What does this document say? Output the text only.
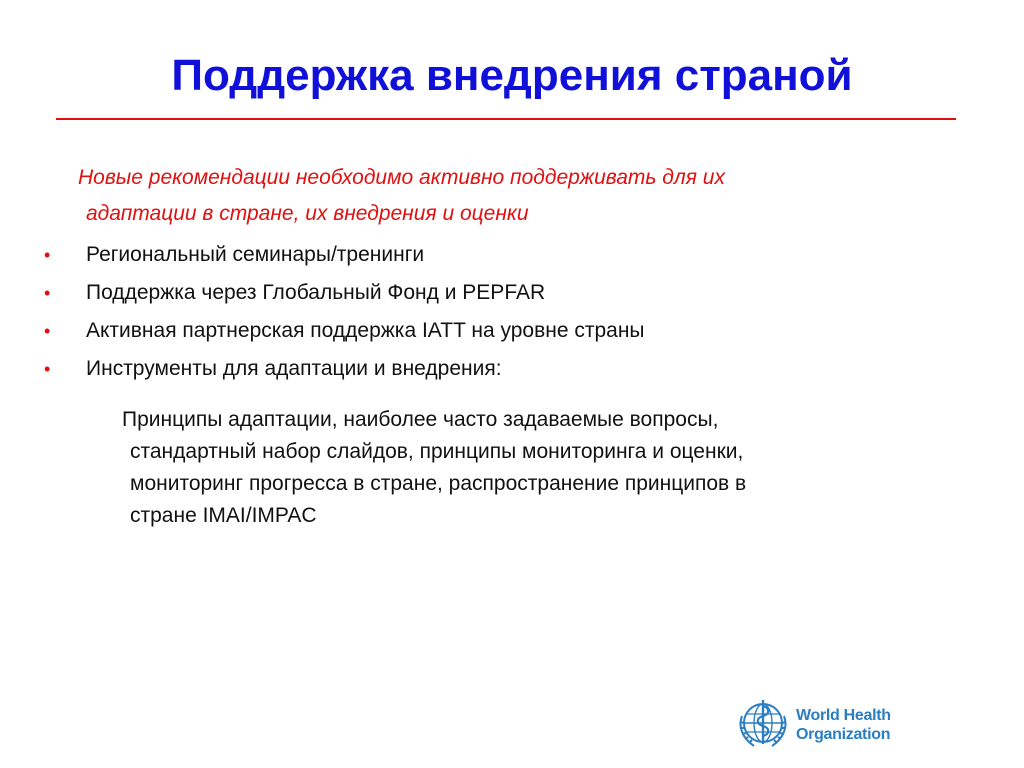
Поддержка внедрения страной
Новые рекомендации необходимо активно поддерживать для их
адаптации в стране, их внедрения и оценки
• Региональный семинары/тренинги
• Поддержка через Глобальный Фонд и PEPFAR
• Активная партнерская поддержка IATT на уровне страны
• Инструменты для адаптации и внедрения:
Принципы адаптации, наиболее часто задаваемые вопросы,
стандартный набор слайдов, принципы мониторинга и оценки,
мониторинг прогресса в стране, распространение принципов в
стране IMAI/IMPAC
World Health
Organization
